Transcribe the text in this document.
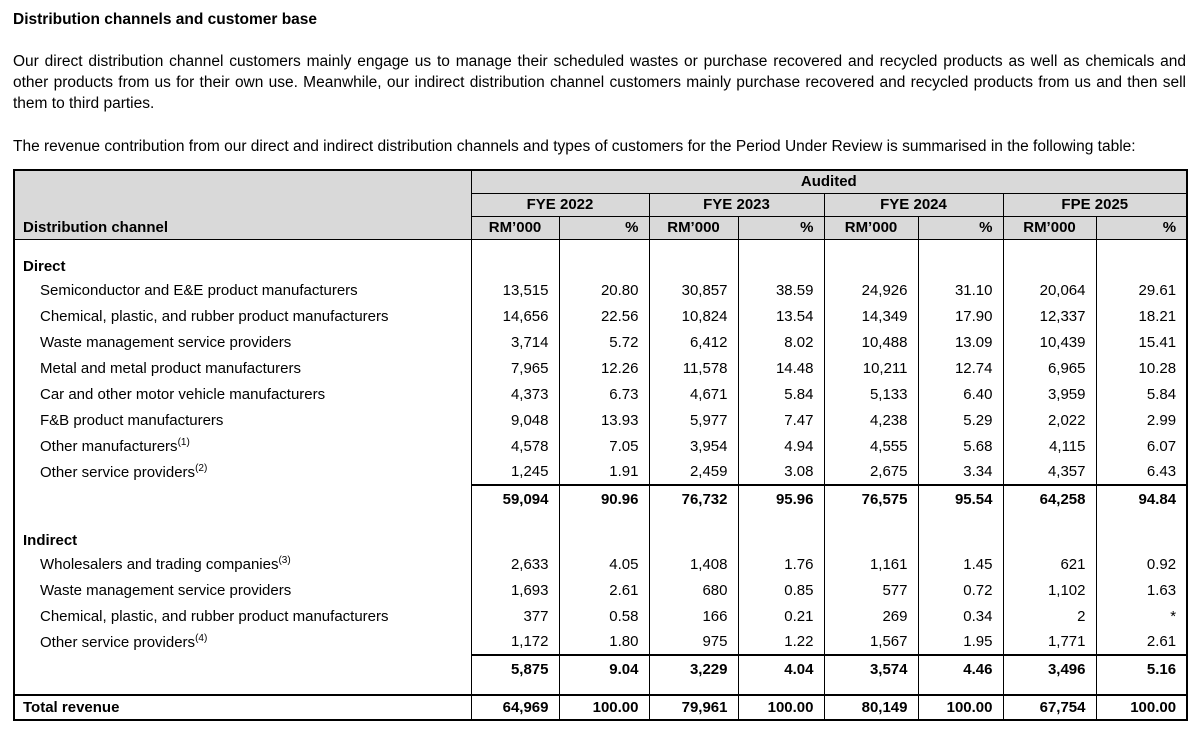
Distribution channels and customer base

Our direct distribution channel customers mainly engage us to manage their scheduled wastes or purchase recovered and recycled products as well as chemicals and other products from us for their own use. Meanwhile, our indirect distribution channel customers mainly purchase recovered and recycled products from us and then sell them to third parties.

The revenue contribution from our direct and indirect distribution channels and types of customers for the Period Under Review is summarised in the following table:

Distribution channel	Audited							
	FYE 2022		FYE 2023		FYE 2024		FPE 2025	
	RM’000	%	RM’000	%	RM’000	%	RM’000	%

Direct								
Semiconductor and E&E product manufacturers	13,515	20.80	30,857	38.59	24,926	31.10	20,064	29.61
Chemical, plastic, and rubber product manufacturers	14,656	22.56	10,824	13.54	14,349	17.90	12,337	18.21
Waste management service providers	3,714	5.72	6,412	8.02	10,488	13.09	10,439	15.41
Metal and metal product manufacturers	7,965	12.26	11,578	14.48	10,211	12.74	6,965	10.28
Car and other motor vehicle manufacturers	4,373	6.73	4,671	5.84	5,133	6.40	3,959	5.84
F&B product manufacturers	9,048	13.93	5,977	7.47	4,238	5.29	2,022	2.99
Other manufacturers$^{(1)}$	4,578	7.05	3,954	4.94	4,555	5.68	4,115	6.07
Other service providers$^{(2)}$	1,245	1.91	2,459	3.08	2,675	3.34	4,357	6.43
	59,094	90.96	76,732	95.96	76,575	95.54	64,258	94.84

Indirect								
Wholesalers and trading companies$^{(3)}$	2,633	4.05	1,408	1.76	1,161	1.45	621	0.92
Waste management service providers	1,693	2.61	680	0.85	577	0.72	1,102	1.63
Chemical, plastic, and rubber product manufacturers	377	0.58	166	0.21	269	0.34	2	*
Other service providers$^{(4)}$	1,172	1.80	975	1.22	1,567	1.95	1,771	2.61
	5,875	9.04	3,229	4.04	3,574	4.46	3,496	5.16

Total revenue	64,969	100.00	79,961	100.00	80,149	100.00	67,754	100.00
